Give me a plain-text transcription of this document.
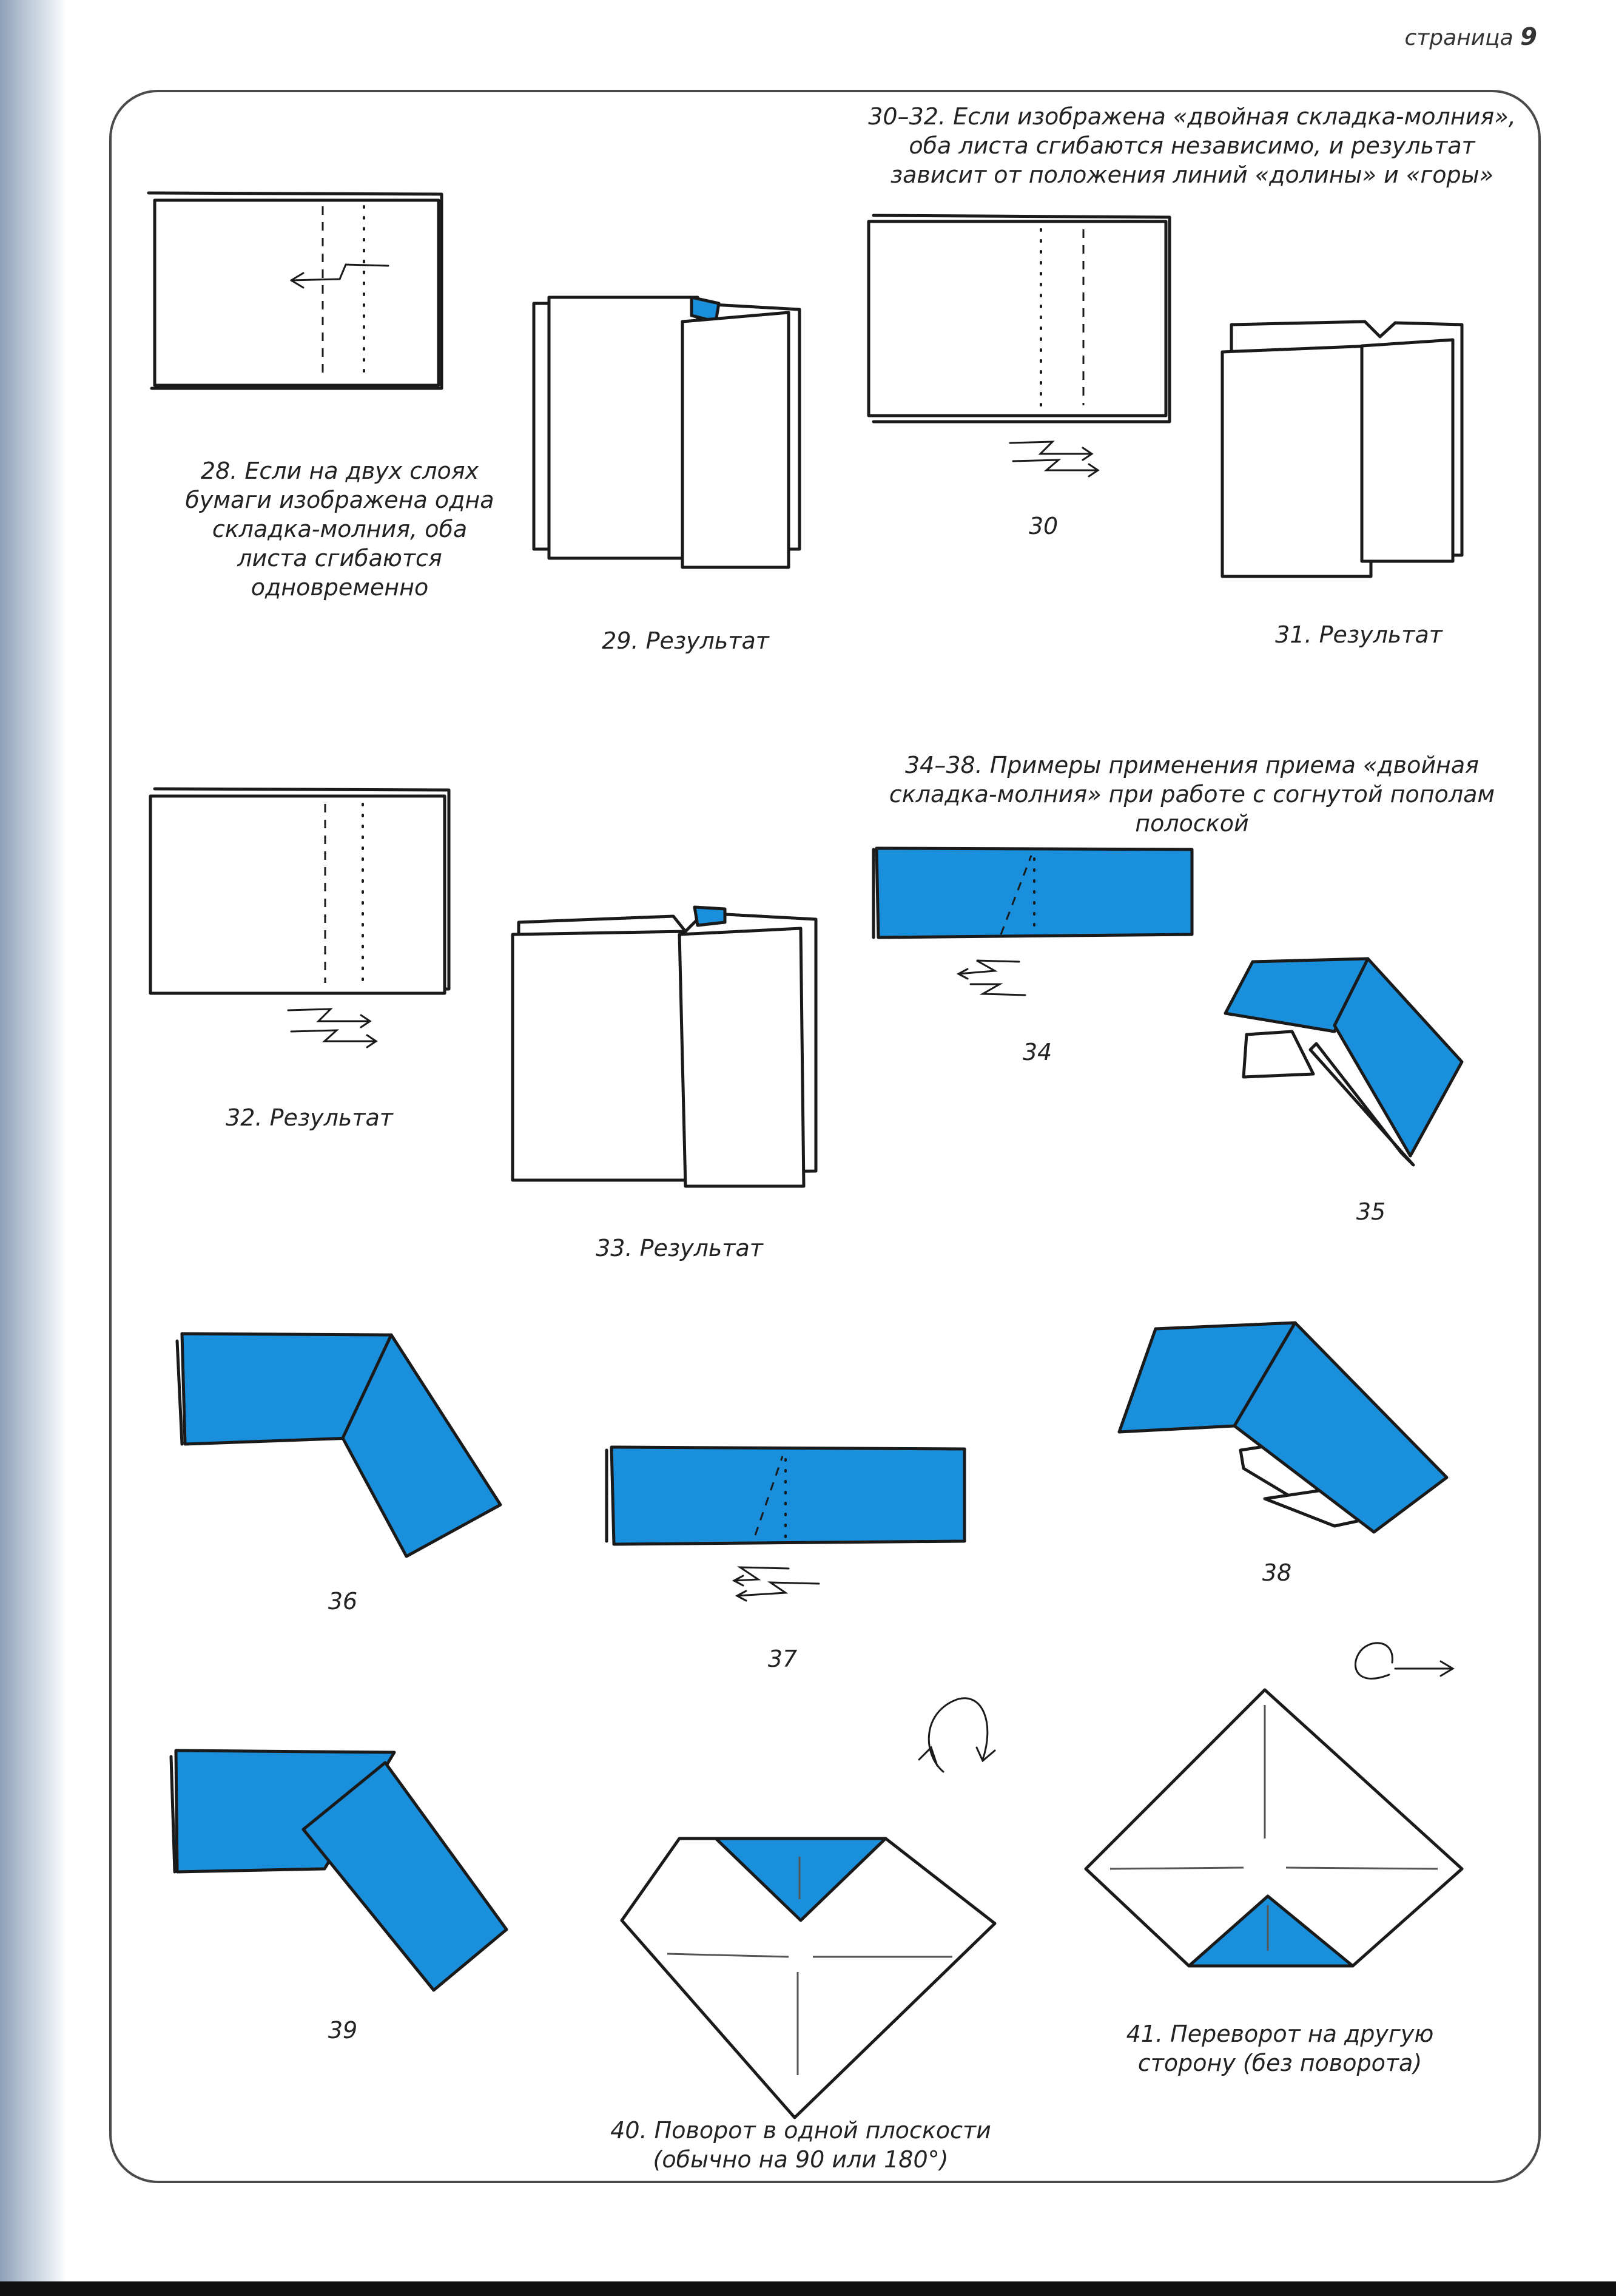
страница 9
28. Если на двух слоях бумаги изображена одна складка-молния, оба листа сгибаются одновременно
29. Результат
30–32. Если изображена «двойная складка-молния», оба листа сгибаются независимо, и результат зависит от положения линий «долины» и «горы»
30
31. Результат
32. Результат
33. Результат
34–38. Примеры применения приема «двойная складка-молния» при работе с согнутой пополам полоской
34
35
36
37
38
39
40. Поворот в одной плоскости (обычно на 90 или 180°)
41. Переворот на другую сторону (без поворота)
